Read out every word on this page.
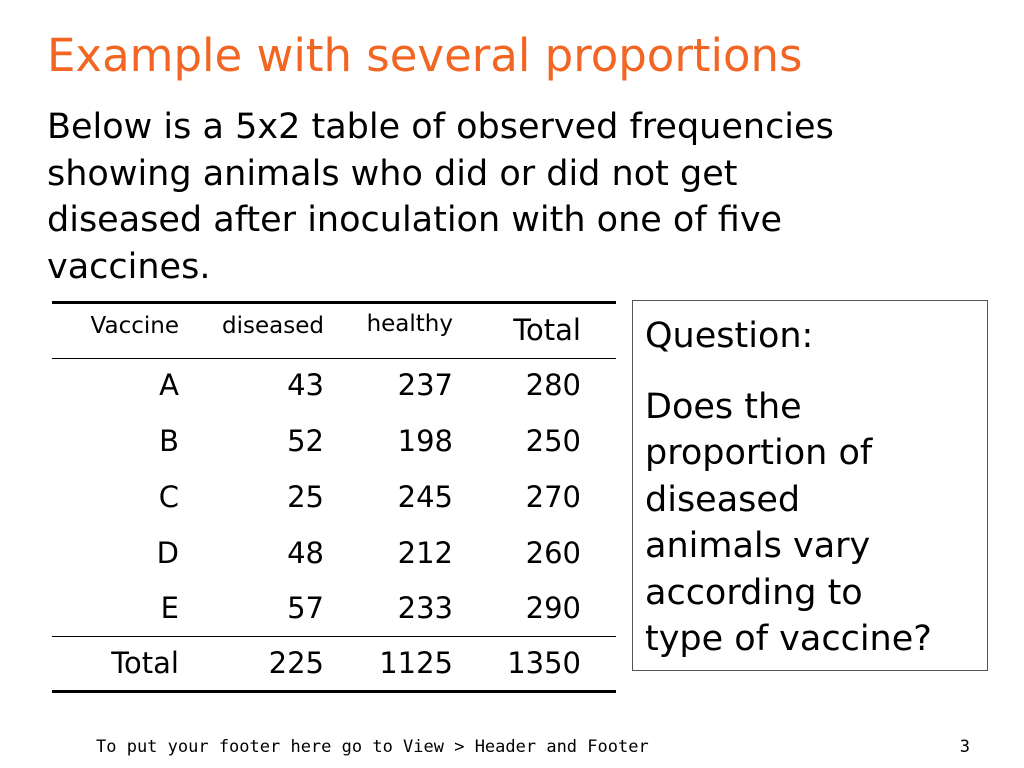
Example with several proportions
Below is a 5x2 table of observed frequencies
showing animals who did or did not get
diseased after inoculation with one of five
vaccines.
Vaccine	diseased	healthy	Total
A	43	237	280
B	52	198	250
C	25	245	270
D	48	212	260
E	57	233	290
Total	225	1125	1350
Question:
Does the
proportion of
diseased
animals vary
according to
type of vaccine?
To put your footer here go to View > Header and Footer	3
